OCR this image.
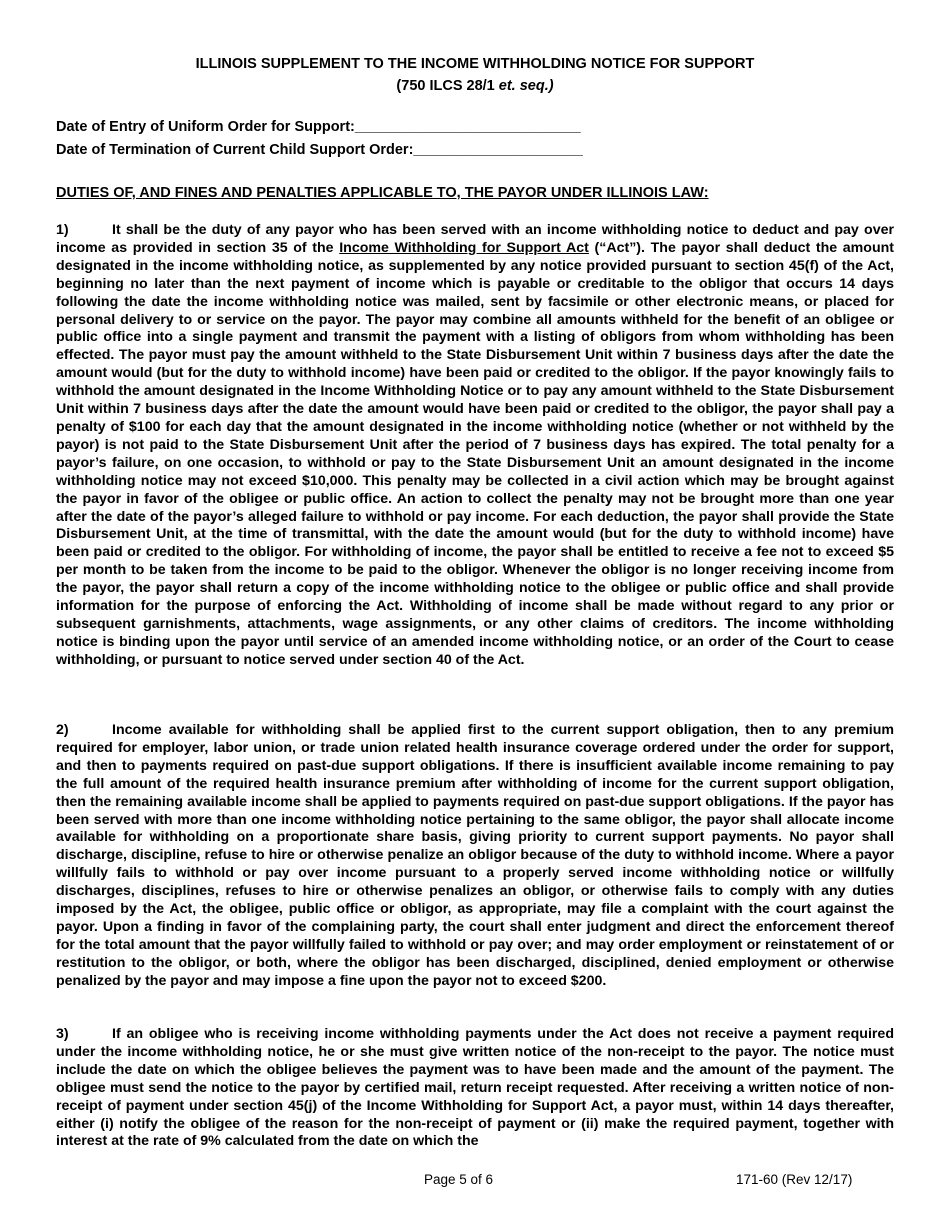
ILLINOIS SUPPLEMENT TO THE INCOME WITHHOLDING NOTICE FOR SUPPORT
(750 ILCS 28/1 et. seq.)
Date of Entry of Uniform Order for Support:____________________________
Date of Termination of Current Child Support Order:_____________________
DUTIES OF, AND FINES AND PENALTIES APPLICABLE TO, THE PAYOR UNDER ILLINOIS LAW:
1)	It shall be the duty of any payor who has been served with an income withholding notice to deduct and pay over income as provided in section 35 of the Income Withholding for Support Act (“Act”). The payor shall deduct the amount designated in the income withholding notice, as supplemented by any notice provided pursuant to section 45(f) of the Act, beginning no later than the next payment of income which is payable or creditable to the obligor that occurs 14 days following the date the income withholding notice was mailed, sent by facsimile or other electronic means, or placed for personal delivery to or service on the payor. The payor may combine all amounts withheld for the benefit of an obligee or public office into a single payment and transmit the payment with a listing of obligors from whom withholding has been effected. The payor must pay the amount withheld to the State Disbursement Unit within 7 business days after the date the amount would (but for the duty to withhold income) have been paid or credited to the obligor. If the payor knowingly fails to withhold the amount designated in the Income Withholding Notice or to pay any amount withheld to the State Disbursement Unit within 7 business days after the date the amount would have been paid or credited to the obligor, the payor shall pay a penalty of $100 for each day that the amount designated in the income withholding notice (whether or not withheld by the payor) is not paid to the State Disbursement Unit after the period of 7 business days has expired. The total penalty for a payor’s failure, on one occasion, to withhold or pay to the State Disbursement Unit an amount designated in the income withholding notice may not exceed $10,000. This penalty may be collected in a civil action which may be brought against the payor in favor of the obligee or public office. An action to collect the penalty may not be brought more than one year after the date of the payor’s alleged failure to withhold or pay income. For each deduction, the payor shall provide the State Disbursement Unit, at the time of transmittal, with the date the amount would (but for the duty to withhold income) have been paid or credited to the obligor. For withholding of income, the payor shall be entitled to receive a fee not to exceed $5 per month to be taken from the income to be paid to the obligor. Whenever the obligor is no longer receiving income from the payor, the payor shall return a copy of the income withholding notice to the obligee or public office and shall provide information for the purpose of enforcing the Act. Withholding of income shall be made without regard to any prior or subsequent garnishments, attachments, wage assignments, or any other claims of creditors. The income withholding notice is binding upon the payor until service of an amended income withholding notice, or an order of the Court to cease withholding, or pursuant to notice served under section 40 of the Act.
2)	Income available for withholding shall be applied first to the current support obligation, then to any premium required for employer, labor union, or trade union related health insurance coverage ordered under the order for support, and then to payments required on past-due support obligations. If there is insufficient available income remaining to pay the full amount of the required health insurance premium after withholding of income for the current support obligation, then the remaining available income shall be applied to payments required on past-due support obligations. If the payor has been served with more than one income withholding notice pertaining to the same obligor, the payor shall allocate income available for withholding on a proportionate share basis, giving priority to current support payments. No payor shall discharge, discipline, refuse to hire or otherwise penalize an obligor because of the duty to withhold income. Where a payor willfully fails to withhold or pay over income pursuant to a properly served income withholding notice or willfully discharges, disciplines, refuses to hire or otherwise penalizes an obligor, or otherwise fails to comply with any duties imposed by the Act, the obligee, public office or obligor, as appropriate, may file a complaint with the court against the payor. Upon a finding in favor of the complaining party, the court shall enter judgment and direct the enforcement thereof for the total amount that the payor willfully failed to withhold or pay over; and may order employment or reinstatement of or restitution to the obligor, or both, where the obligor has been discharged, disciplined, denied employment or otherwise penalized by the payor and may impose a fine upon the payor not to exceed $200.
3)	If an obligee who is receiving income withholding payments under the Act does not receive a payment required under the income withholding notice, he or she must give written notice of the non-receipt to the payor. The notice must include the date on which the obligee believes the payment was to have been made and the amount of the payment. The obligee must send the notice to the payor by certified mail, return receipt requested. After receiving a written notice of non-receipt of payment under section 45(j) of the Income Withholding for Support Act, a payor must, within 14 days thereafter, either (i) notify the obligee of the reason for the non-receipt of payment or (ii) make the required payment, together with interest at the rate of 9% calculated from the date on which the
Page 5 of 6	171-60 (Rev 12/17)
